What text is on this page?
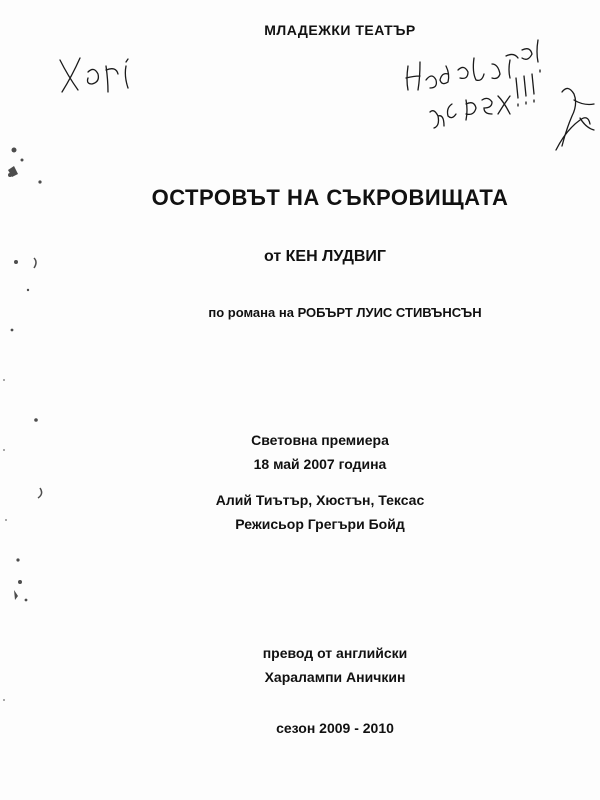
МЛАДЕЖКИ ТЕАТЪР
ОСТРОВЪТ НА СЪКРОВИЩАТА
от КЕН ЛУДВИГ
по романа на РОБЪРТ ЛУИС СТИВЪНСЪН
Световна премиера
18 май 2007 година
Алий Тиътър, Хюстън, Тексас
Режисьор Грегъри Бойд
превод от английски
Харалампи Аничкин
сезон 2009 - 2010
